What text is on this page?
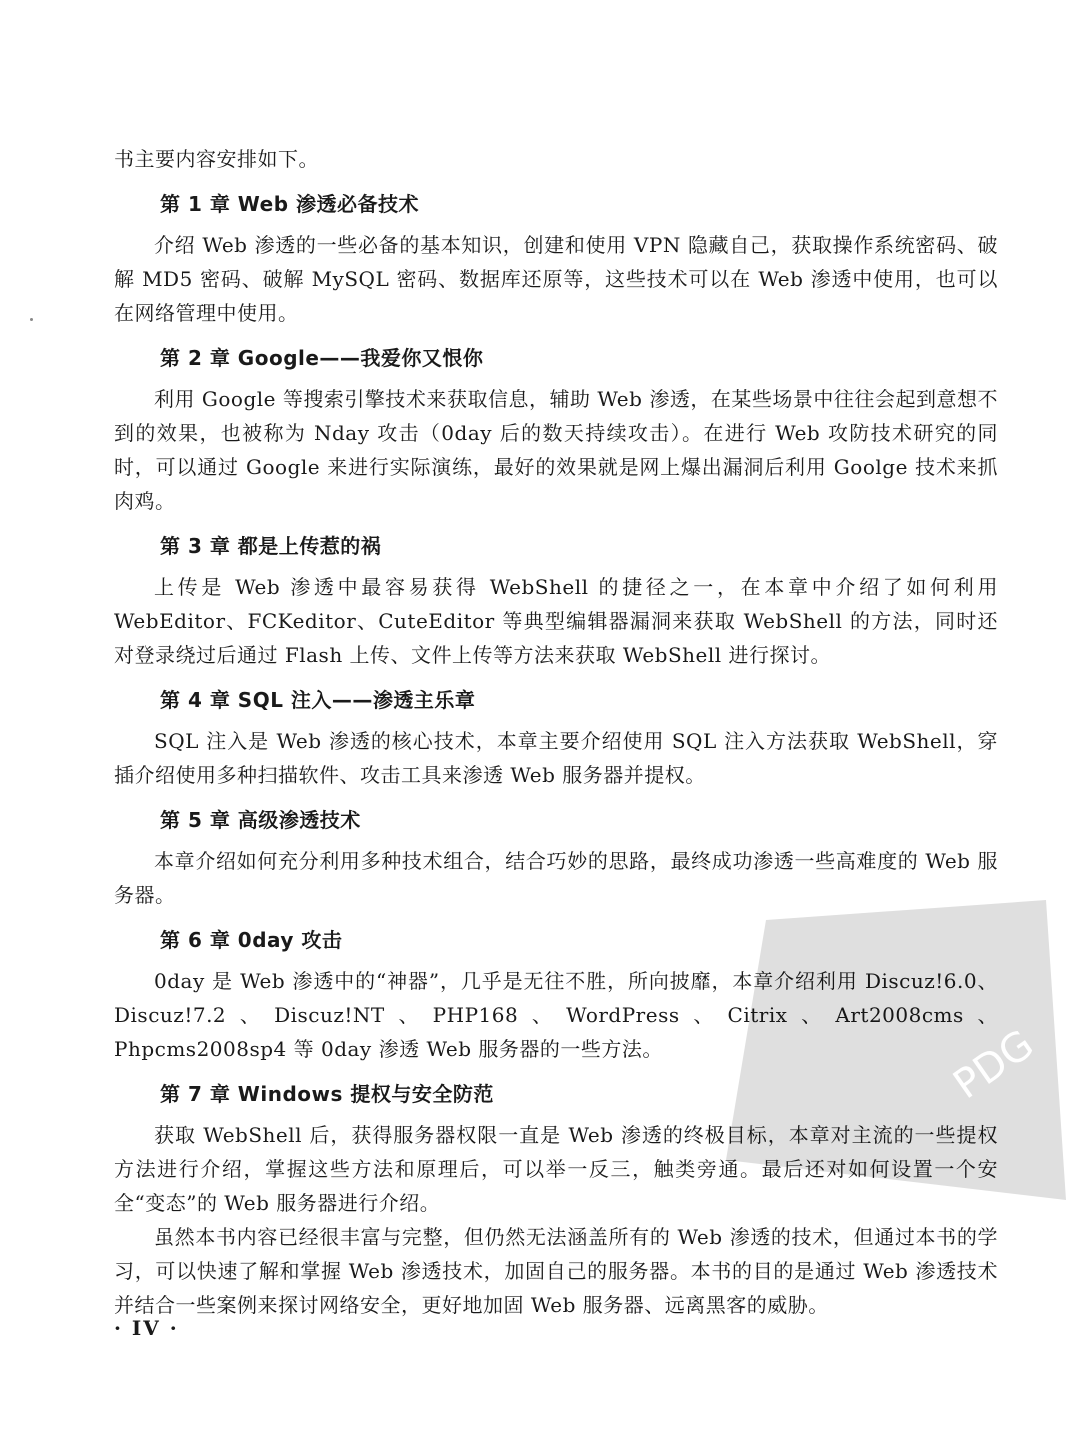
书主要内容安排如下。

第 1 章 Web 渗透必备技术

介绍 Web 渗透的一些必备的基本知识，创建和使用 VPN 隐藏自己，获取操作系统密码、破解 MD5 密码、破解 MySQL 密码、数据库还原等，这些技术可以在 Web 渗透中使用，也可以在网络管理中使用。

第 2 章 Google——我爱你又恨你

利用 Google 等搜索引擎技术来获取信息，辅助 Web 渗透，在某些场景中往往会起到意想不到的效果，也被称为 Nday 攻击（0day 后的数天持续攻击）。在进行 Web 攻防技术研究的同时，可以通过 Google 来进行实际演练，最好的效果就是网上爆出漏洞后利用 Goolge 技术来抓肉鸡。

第 3 章 都是上传惹的祸

上传是 Web 渗透中最容易获得 WebShell 的捷径之一，在本章中介绍了如何利用 WebEditor、FCKeditor、CuteEditor 等典型编辑器漏洞来获取 WebShell 的方法，同时还对登录绕过后通过 Flash 上传、文件上传等方法来获取 WebShell 进行探讨。

第 4 章 SQL 注入——渗透主乐章

SQL 注入是 Web 渗透的核心技术，本章主要介绍使用 SQL 注入方法获取 WebShell，穿插介绍使用多种扫描软件、攻击工具来渗透 Web 服务器并提权。

第 5 章 高级渗透技术

本章介绍如何充分利用多种技术组合，结合巧妙的思路，最终成功渗透一些高难度的 Web 服务器。

第 6 章 0day 攻击

0day 是 Web 渗透中的“神器”，几乎是无往不胜，所向披靡，本章介绍利用 Discuz!6.0、Discuz!7.2、Discuz!NT、PHP168、WordPress、Citrix、Art2008cms、Phpcms2008sp4 等 0day 渗透 Web 服务器的一些方法。

第 7 章 Windows 提权与安全防范

获取 WebShell 后，获得服务器权限一直是 Web 渗透的终极目标，本章对主流的一些提权方法进行介绍，掌握这些方法和原理后，可以举一反三，触类旁通。最后还对如何设置一个安全“变态”的 Web 服务器进行介绍。

虽然本书内容已经很丰富与完整，但仍然无法涵盖所有的 Web 渗透的技术，但通过本书的学习，可以快速了解和掌握 Web 渗透技术，加固自己的服务器。本书的目的是通过 Web 渗透技术并结合一些案例来探讨网络安全，更好地加固 Web 服务器、远离黑客的威胁。

· IV ·
PDG
